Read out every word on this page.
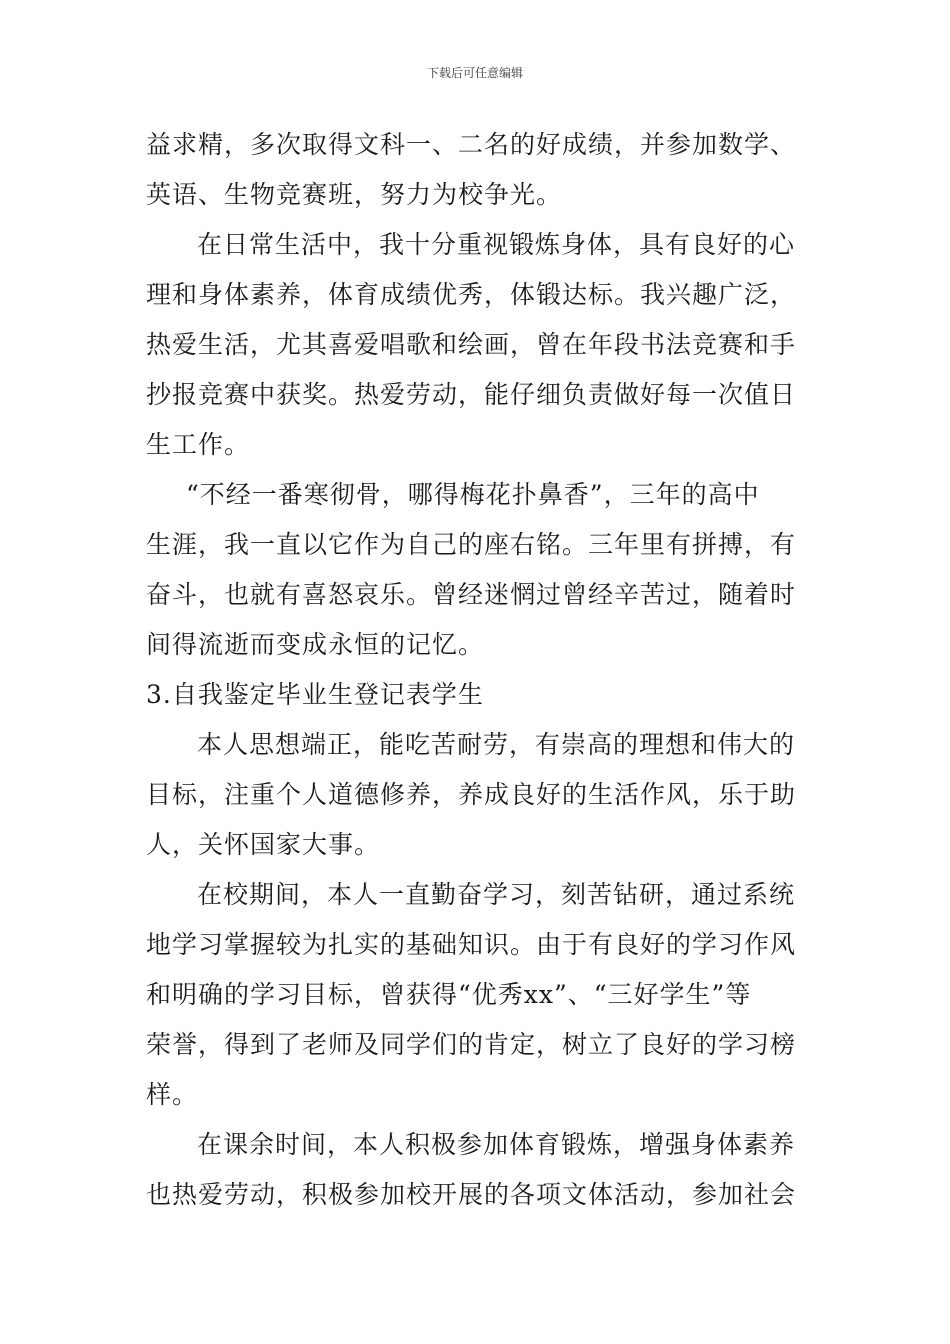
下载后可任意编辑
益求精，多次取得文科一、二名的好成绩，并参加数学、
英语、生物竞赛班，努力为校争光。
在日常生活中，我十分重视锻炼身体，具有良好的心
理和身体素养，体育成绩优秀，体锻达标。我兴趣广泛，
热爱生活，尤其喜爱唱歌和绘画，曾在年段书法竞赛和手
抄报竞赛中获奖。热爱劳动，能仔细负责做好每一次值日
生工作。
“不经一番寒彻骨，哪得梅花扑鼻香”，三年的高中
生涯，我一直以它作为自己的座右铭。三年里有拼搏，有
奋斗，也就有喜怒哀乐。曾经迷惘过曾经辛苦过，随着时
间得流逝而变成永恒的记忆。
3.自我鉴定毕业生登记表学生
本人思想端正，能吃苦耐劳，有崇高的理想和伟大的
目标，注重个人道德修养，养成良好的生活作风，乐于助
人，关怀国家大事。
在校期间，本人一直勤奋学习，刻苦钻研，通过系统
地学习掌握较为扎实的基础知识。由于有良好的学习作风
和明确的学习目标，曾获得“优秀xx”、“三好学生”等
荣誉，得到了老师及同学们的肯定，树立了良好的学习榜
样。
在课余时间，本人积极参加体育锻炼，增强身体素养
也热爱劳动，积极参加校开展的各项文体活动，参加社会
